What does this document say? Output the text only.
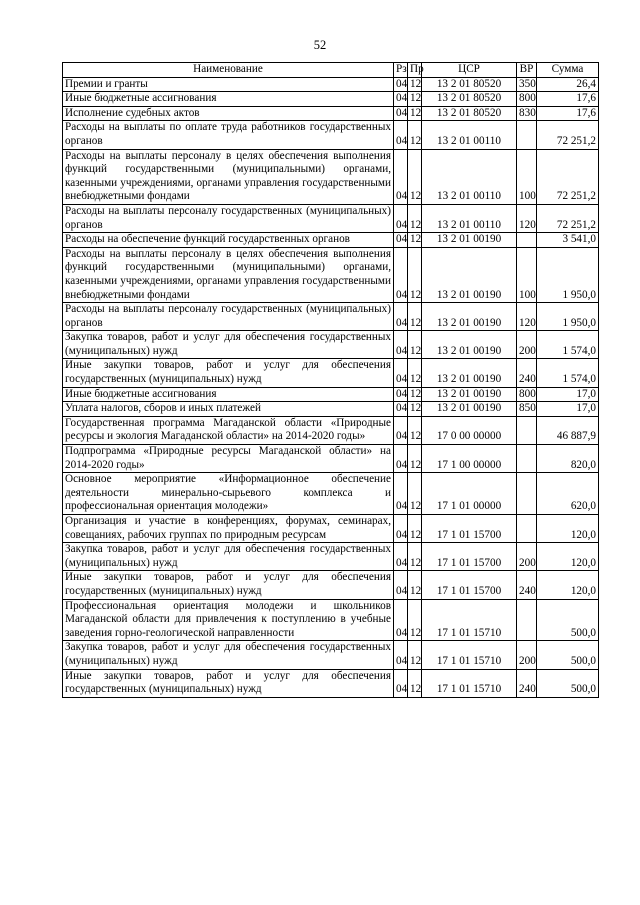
52
Наименование	Рз	Пр	ЦСР	ВР	Сумма
Премии и гранты	04	12	13 2 01 80520	350	26,4
Иные бюджетные ассигнования	04	12	13 2 01 80520	800	17,6
Исполнение судебных актов	04	12	13 2 01 80520	830	17,6
Расходы на выплаты по оплате труда работников государственных органов	04	12	13 2 01 00110		72 251,2
Расходы на выплаты персоналу в целях обеспечения выполнения функций государственными (муниципальными) органами, казенными учреждениями, органами управления государственными внебюджетными фондами	04	12	13 2 01 00110	100	72 251,2
Расходы на выплаты персоналу государственных (муниципальных) органов	04	12	13 2 01 00110	120	72 251,2
Расходы на обеспечение функций государственных органов	04	12	13 2 01 00190		3 541,0
Расходы на выплаты персоналу в целях обеспечения выполнения функций государственными (муниципальными) органами, казенными учреждениями, органами управления государственными внебюджетными фондами	04	12	13 2 01 00190	100	1 950,0
Расходы на выплаты персоналу государственных (муниципальных) органов	04	12	13 2 01 00190	120	1 950,0
Закупка товаров, работ и услуг для обеспечения государственных (муниципальных) нужд	04	12	13 2 01 00190	200	1 574,0
Иные закупки товаров, работ и услуг для обеспечения государственных (муниципальных) нужд	04	12	13 2 01 00190	240	1 574,0
Иные бюджетные ассигнования	04	12	13 2 01 00190	800	17,0
Уплата налогов, сборов и иных платежей	04	12	13 2 01 00190	850	17,0
Государственная программа Магаданской области «Природные ресурсы и экология Магаданской области» на 2014-2020 годы»	04	12	17 0 00 00000		46 887,9
Подпрограмма «Природные ресурсы Магаданской области» на 2014-2020 годы»	04	12	17 1 00 00000		820,0
Основное мероприятие «Информационное обеспечение деятельности минерально-сырьевого комплекса и профессиональная ориентация молодежи»	04	12	17 1 01 00000		620,0
Организация и участие в конференциях, форумах, семинарах, совещаниях, рабочих группах по природным ресурсам	04	12	17 1 01 15700		120,0
Закупка товаров, работ и услуг для обеспечения государственных (муниципальных) нужд	04	12	17 1 01 15700	200	120,0
Иные закупки товаров, работ и услуг для обеспечения государственных (муниципальных) нужд	04	12	17 1 01 15700	240	120,0
Профессиональная ориентация молодежи и школьников Магаданской области для привлечения к поступлению в учебные заведения горно-геологической направленности	04	12	17 1 01 15710		500,0
Закупка товаров, работ и услуг для обеспечения государственных (муниципальных) нужд	04	12	17 1 01 15710	200	500,0
Иные закупки товаров, работ и услуг для обеспечения государственных (муниципальных) нужд	04	12	17 1 01 15710	240	500,0
